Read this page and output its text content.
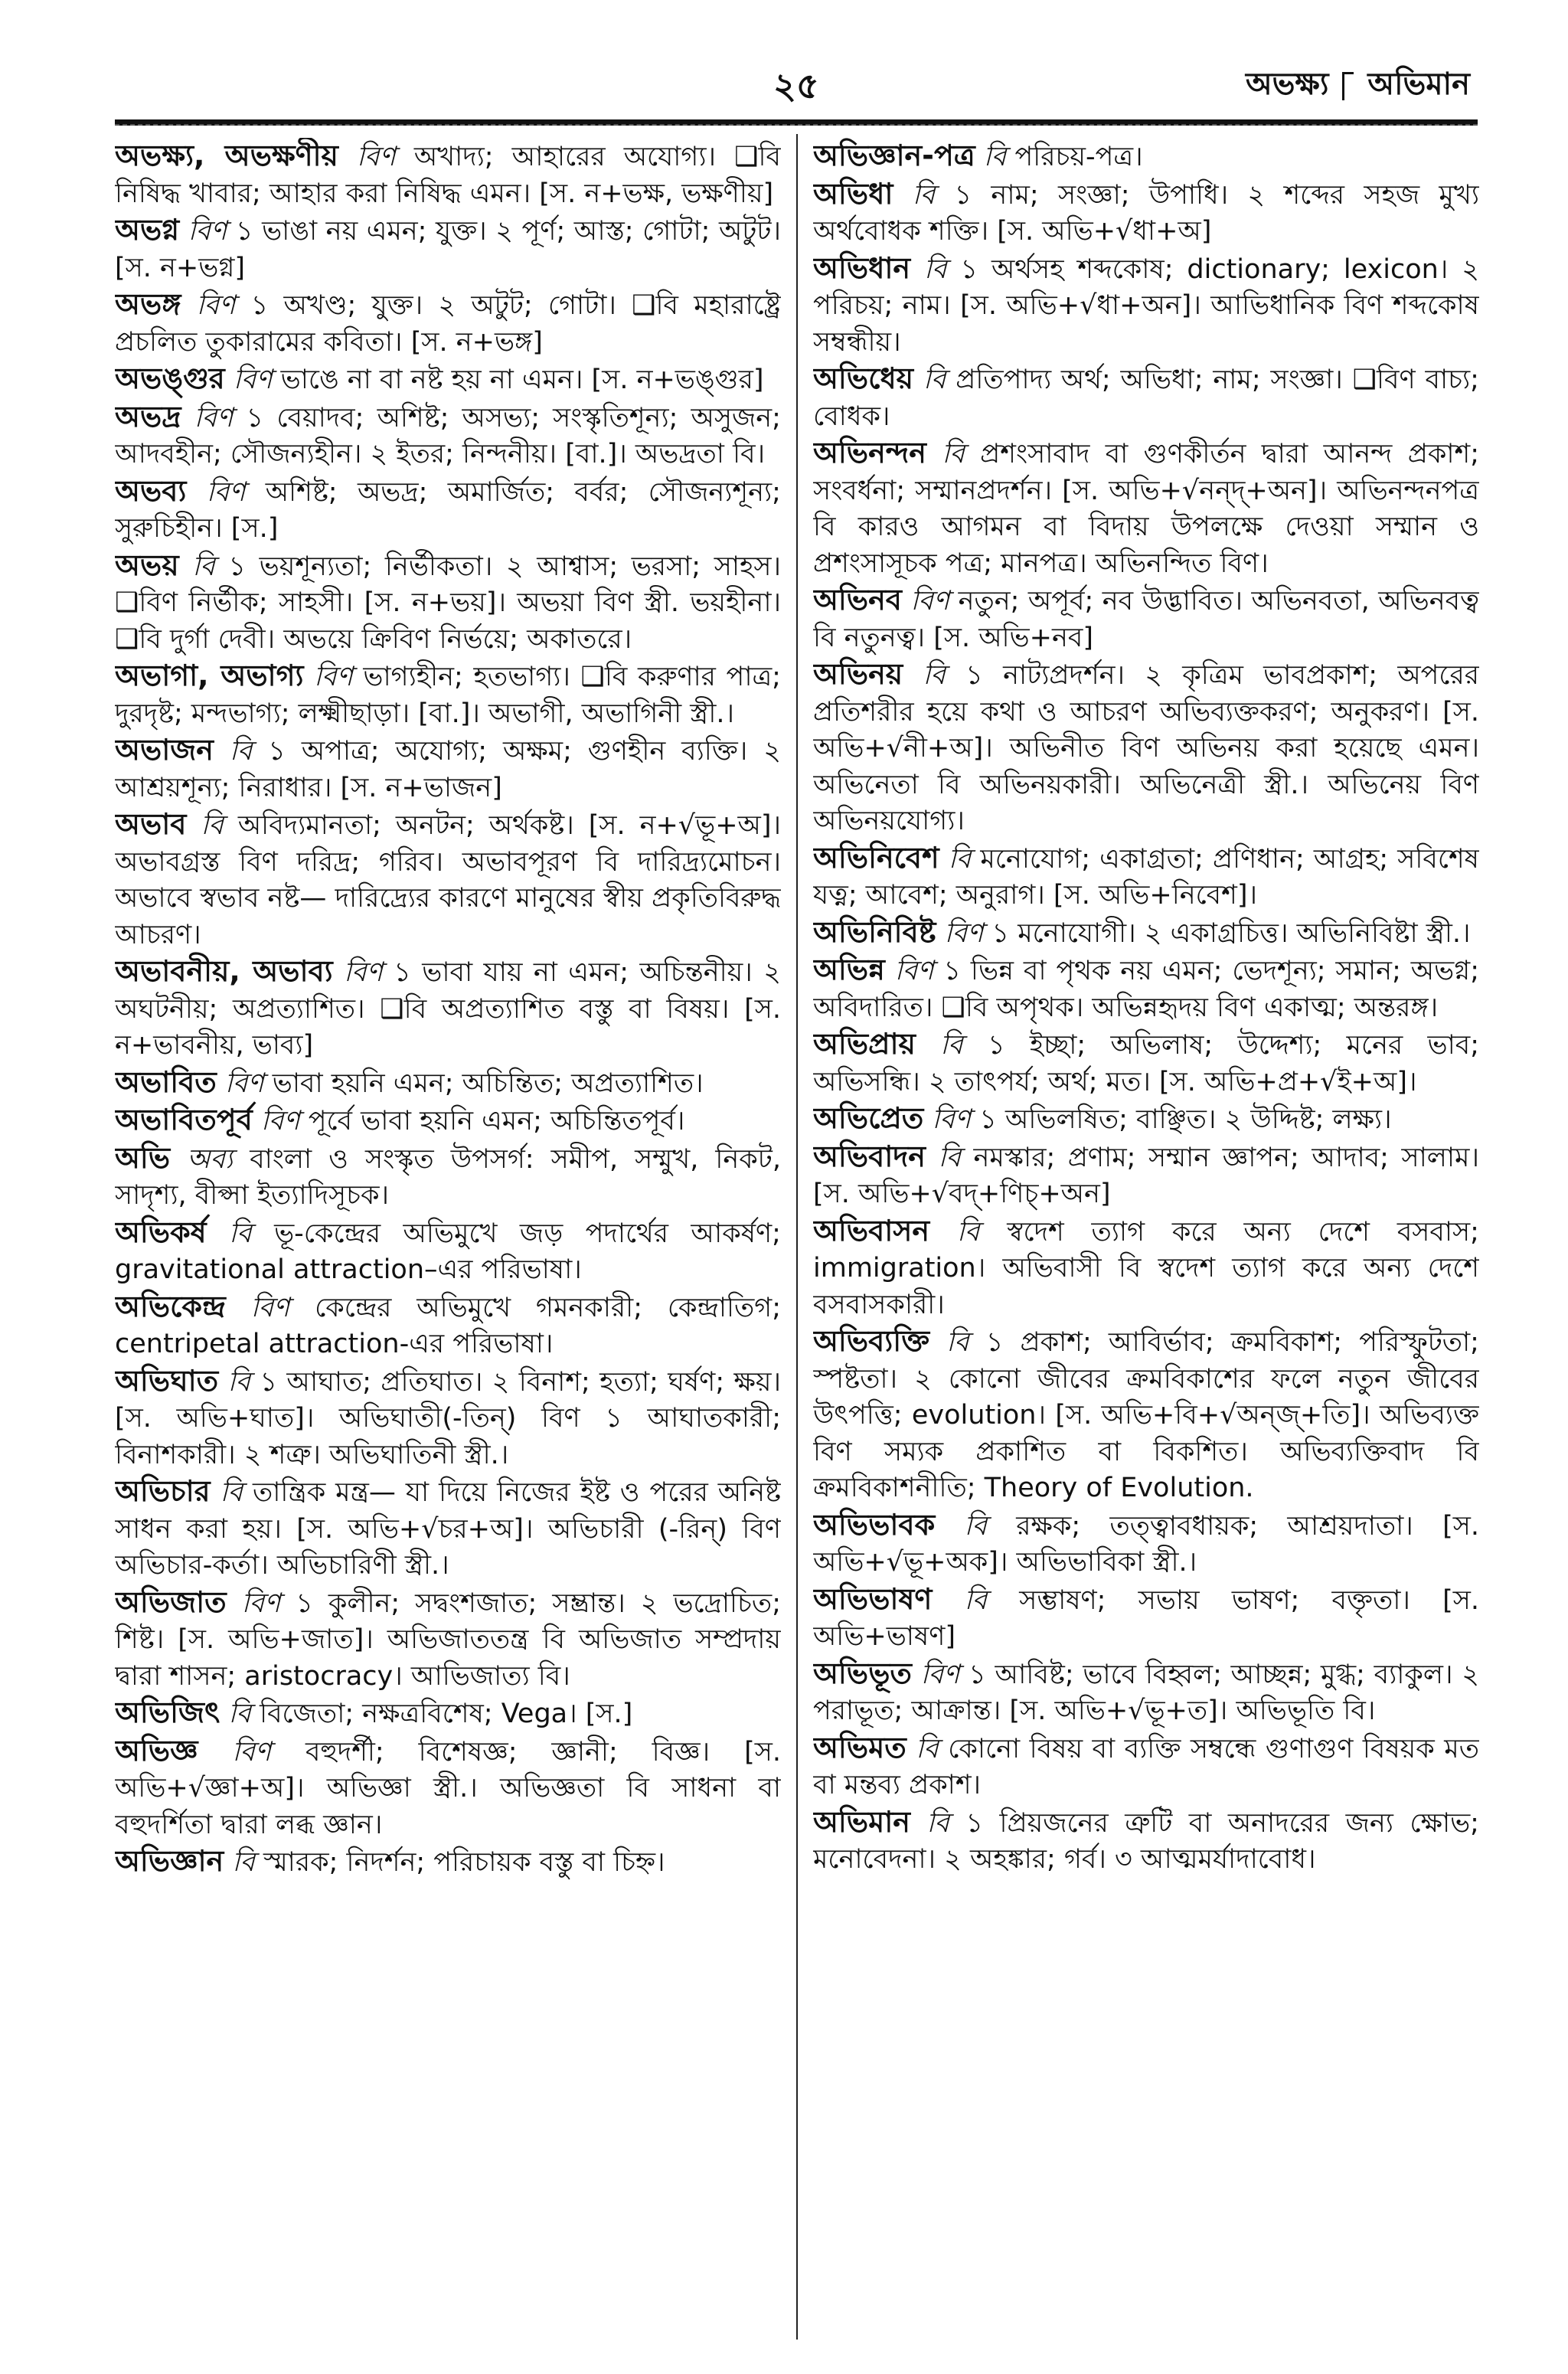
২৫	অভক্ষ্য অভিমান

অভক্ষ্য, অভক্ষণীয় বিণ অখাদ্য; আহারের অযোগ্য। ❑বি নিষিদ্ধ খাবার; আহার করা নিষিদ্ধ এমন। [স. ন+ভক্ষ, ভক্ষণীয়]

অভগ্ন বিণ ১ ভাঙা নয় এমন; যুক্ত। ২ পূর্ণ; আস্ত; গোটা; অটুট। [স. ন+ভগ্ন]

অভঙ্গ বিণ ১ অখণ্ড; যুক্ত। ২ অটুট; গোটা। ❑বি মহারাষ্ট্রে প্রচলিত তুকারামের কবিতা। [স. ন+ভঙ্গ]

অভঙ্গুর বিণ ভাঙে না বা নষ্ট হয় না এমন। [স. ন+ভঙ্গুর]

অভদ্র বিণ ১ বেয়াদব; অশিষ্ট; অসভ্য; সংস্কৃতিশূন্য; অসুজন; আদবহীন; সৌজন্যহীন। ২ ইতর; নিন্দনীয়। [বা.]। অভদ্রতা বি।

অভব্য বিণ অশিষ্ট; অভদ্র; অমার্জিত; বর্বর; সৌজন্যশূন্য; সুরুচিহীন। [স.]

অভয় বি ১ ভয়শূন্যতা; নির্ভীকতা। ২ আশ্বাস; ভরসা; সাহস। ❑বিণ নির্ভীক; সাহসী। [স. ন+ভয়]। অভয়া বিণ স্ত্রী. ভয়হীনা। ❑বি দুর্গা দেবী। অভয়ে ক্রিবিণ নির্ভয়ে; অকাতরে।

অভাগা, অভাগ্য বিণ ভাগ্যহীন; হতভাগ্য। ❑বি করুণার পাত্র; দুরদৃষ্ট; মন্দভাগ্য; লক্ষ্মীছাড়া। [বা.]। অভাগী, অভাগিনী স্ত্রী.।

অভাজন বি ১ অপাত্র; অযোগ্য; অক্ষম; গুণহীন ব্যক্তি। ২ আশ্রয়শূন্য; নিরাধার। [স. ন+ভাজন]

অভাব বি অবিদ্যমানতা; অনটন; অর্থকষ্ট। [স. ন+√ভূ+অ]। অভাবগ্রস্ত বিণ দরিদ্র; গরিব। অভাবপূরণ বি দারিদ্র্যমোচন। অভাবে স্বভাব নষ্ট— দারিদ্র্যের কারণে মানুষের স্বীয় প্রকৃতিবিরুদ্ধ আচরণ।

অভাবনীয়, অভাব্য বিণ ১ ভাবা যায় না এমন; অচিন্তনীয়। ২ অঘটনীয়; অপ্রত্যাশিত। ❑বি অপ্রত্যাশিত বস্তু বা বিষয়। [স. ন+ভাবনীয়, ভাব্য]

অভাবিত বিণ ভাবা হয়নি এমন; অচিন্তিত; অপ্রত্যাশিত।

অভাবিতপূর্ব বিণ পূর্বে ভাবা হয়নি এমন; অচিন্তিতপূর্ব।

অভি অব্য বাংলা ও সংস্কৃত উপসর্গ: সমীপ, সম্মুখ, নিকট, সাদৃশ্য, বীপ্সা ইত্যাদিসূচক।

অভিকর্ষ বি ভূ-কেন্দ্রের অভিমুখে জড় পদার্থের আকর্ষণ; gravitational attraction–এর পরিভাষা।

অভিকেন্দ্র বিণ কেন্দ্রের অভিমুখে গমনকারী; কেন্দ্রাতিগ; centripetal attraction-এর পরিভাষা।

অভিঘাত বি ১ আঘাত; প্রতিঘাত। ২ বিনাশ; হত্যা; ঘর্ষণ; ক্ষয়। [স. অভি+ঘাত]। অভিঘাতী(-তিন্) বিণ ১ আঘাতকারী; বিনাশকারী। ২ শত্রু। অভিঘাতিনী স্ত্রী.।

অভিচার বি তান্ত্রিক মন্ত্র— যা দিয়ে নিজের ইষ্ট ও পরের অনিষ্ট সাধন করা হয়। [স. অভি+√চর+অ]। অভিচারী (-রিন্) বিণ অভিচার-কর্তা। অভিচারিণী স্ত্রী.।

অভিজাত বিণ ১ কুলীন; সদ্বংশজাত; সম্ভ্রান্ত। ২ ভদ্রোচিত; শিষ্ট। [স. অভি+জাত]। অভিজাততন্ত্র বি অভিজাত সম্প্রদায় দ্বারা শাসন; aristocracy। আভিজাত্য বি।

অভিজিৎ বি বিজেতা; নক্ষত্রবিশেষ; Vega। [স.]

অভিজ্ঞ বিণ বহুদর্শী; বিশেষজ্ঞ; জ্ঞানী; বিজ্ঞ। [স. অভি+√জ্ঞা+অ]। অভিজ্ঞা স্ত্রী.। অভিজ্ঞতা বি সাধনা বা বহুদর্শিতা দ্বারা লব্ধ জ্ঞান।

অভিজ্ঞান বি স্মারক; নিদর্শন; পরিচায়ক বস্তু বা চিহ্ন।

অভিজ্ঞান-পত্র বি পরিচয়-পত্র।

অভিধা বি ১ নাম; সংজ্ঞা; উপাধি। ২ শব্দের সহজ মুখ্য অর্থবোধক শক্তি। [স. অভি+√ধা+অ]

অভিধান বি ১ অর্থসহ শব্দকোষ; dictionary; lexicon। ২ পরিচয়; নাম। [স. অভি+√ধা+অন]। আভিধানিক বিণ শব্দকোষ সম্বন্ধীয়।

অভিধেয় বি প্রতিপাদ্য অর্থ; অভিধা; নাম; সংজ্ঞা। ❑বিণ বাচ্য; বোধক।

অভিনন্দন বি প্রশংসাবাদ বা গুণকীর্তন দ্বারা আনন্দ প্রকাশ; সংবর্ধনা; সম্মানপ্রদর্শন। [স. অভি+√নন্দ্+অন]। অভিনন্দনপত্র বি কারও আগমন বা বিদায় উপলক্ষে দেওয়া সম্মান ও প্রশংসাসূচক পত্র; মানপত্র। অভিনন্দিত বিণ।

অভিনব বিণ নতুন; অপূর্ব; নব উদ্ভাবিত। অভিনবতা, অভিনবত্ব বি নতুনত্ব। [স. অভি+নব]

অভিনয় বি ১ নাট্যপ্রদর্শন। ২ কৃত্রিম ভাবপ্রকাশ; অপরের প্রতিশরীর হয়ে কথা ও আচরণ অভিব্যক্তকরণ; অনুকরণ। [স. অভি+√নী+অ]। অভিনীত বিণ অভিনয় করা হয়েছে এমন। অভিনেতা বি অভিনয়কারী। অভিনেত্রী স্ত্রী.। অভিনেয় বিণ অভিনয়যোগ্য।

অভিনিবেশ বি মনোযোগ; একাগ্রতা; প্রণিধান; আগ্রহ; সবিশেষ যত্ন; আবেশ; অনুরাগ। [স. অভি+নিবেশ]।

অভিনিবিষ্ট বিণ ১ মনোযোগী। ২ একাগ্রচিত্ত। অভিনিবিষ্টা স্ত্রী.।

অভিন্ন বিণ ১ ভিন্ন বা পৃথক নয় এমন; ভেদশূন্য; সমান; অভগ্ন; অবিদারিত। ❑বি অপৃথক। অভিন্নহৃদয় বিণ একাত্ম; অন্তরঙ্গ।

অভিপ্রায় বি ১ ইচ্ছা; অভিলাষ; উদ্দেশ্য; মনের ভাব; অভিসন্ধি। ২ তাৎপর্য; অর্থ; মত। [স. অভি+প্র+√ই+অ]।

অভিপ্রেত বিণ ১ অভিলষিত; বাঞ্ছিত। ২ উদ্দিষ্ট; লক্ষ্য।

অভিবাদন বি নমস্কার; প্রণাম; সম্মান জ্ঞাপন; আদাব; সালাম। [স. অভি+√বদ্+ণিচ্+অন]

অভিবাসন বি স্বদেশ ত্যাগ করে অন্য দেশে বসবাস; immigration। অভিবাসী বি স্বদেশ ত্যাগ করে অন্য দেশে বসবাসকারী।

অভিব্যক্তি বি ১ প্রকাশ; আবির্ভাব; ক্রমবিকাশ; পরিস্ফুটতা; স্পষ্টতা। ২ কোনো জীবের ক্রমবিকাশের ফলে নতুন জীবের উৎপত্তি; evolution। [স. অভি+বি+√অন্জ্+তি]। অভিব্যক্ত বিণ সম্যক প্রকাশিত বা বিকশিত। অভিব্যক্তিবাদ বি ক্রমবিকাশনীতি; Theory of Evolution.

অভিভাবক বি রক্ষক; তত্ত্বাবধায়ক; আশ্রয়দাতা। [স. অভি+√ভূ+অক]। অভিভাবিকা স্ত্রী.।

অভিভাষণ বি সম্ভাষণ; সভায় ভাষণ; বক্তৃতা। [স. অভি+ভাষণ]

অভিভূত বিণ ১ আবিষ্ট; ভাবে বিহ্বল; আচ্ছন্ন; মুগ্ধ; ব্যাকুল। ২ পরাভূত; আক্রান্ত। [স. অভি+√ভূ+ত]। অভিভূতি বি।

অভিমত বি কোনো বিষয় বা ব্যক্তি সম্বন্ধে গুণাগুণ বিষয়ক মত বা মন্তব্য প্রকাশ।

অভিমান বি ১ প্রিয়জনের ত্রুটি বা অনাদরের জন্য ক্ষোভ; মনোবেদনা। ২ অহঙ্কার; গর্ব। ৩ আত্মমর্যাদাবোধ।
